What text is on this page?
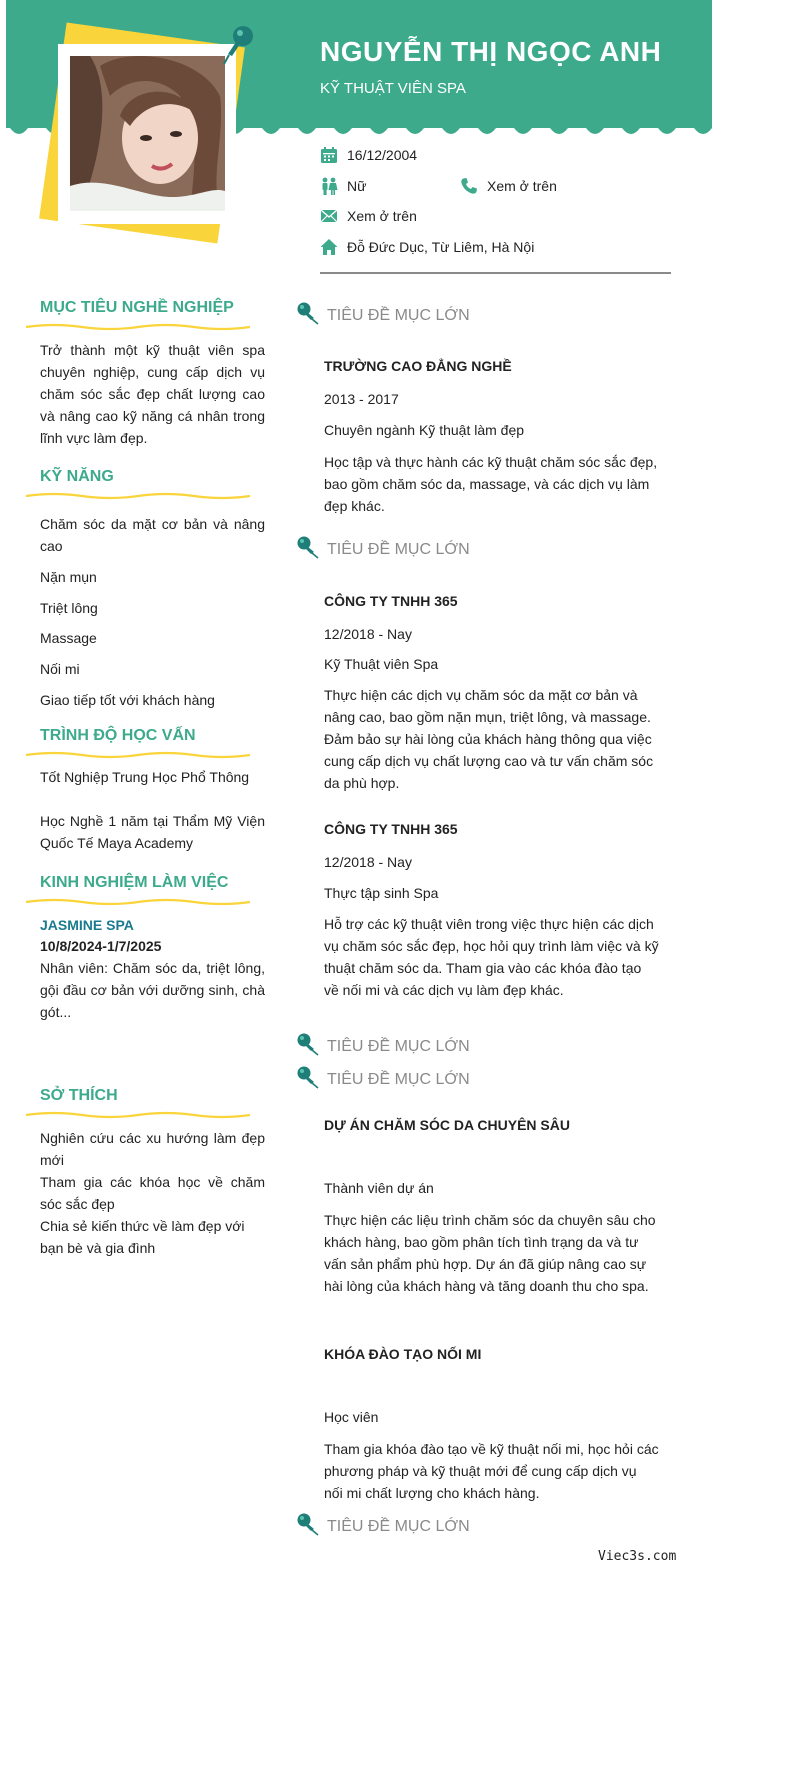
NGUYỄN THỊ NGỌC ANH
KỸ THUẬT VIÊN SPA
16/12/2004
Nữ	Xem ở trên
Xem ở trên
Đỗ Đức Dục, Từ Liêm, Hà Nội
MỤC TIÊU NGHỀ NGHIỆP
Trở thành một kỹ thuật viên spa chuyên nghiệp, cung cấp dịch vụ chăm sóc sắc đẹp chất lượng cao và nâng cao kỹ năng cá nhân trong lĩnh vực làm đẹp.
KỸ NĂNG
Chăm sóc da mặt cơ bản và nâng cao
Nặn mụn
Triệt lông
Massage
Nối mi
Giao tiếp tốt với khách hàng
TRÌNH ĐỘ HỌC VẤN
Tốt Nghiệp Trung Học Phổ Thông
Học Nghề 1 năm tại Thẩm Mỹ Viện Quốc Tế Maya Academy
KINH NGHIỆM LÀM VIỆC
JASMINE SPA
10/8/2024-1/7/2025
Nhân viên: Chăm sóc da, triệt lông, gội đầu cơ bản với dưỡng sinh, chà gót...
SỞ THÍCH
Nghiên cứu các xu hướng làm đẹp mới
Tham gia các khóa học về chăm sóc sắc đẹp
Chia sẻ kiến thức về làm đẹp với bạn bè và gia đình
TIÊU ĐỀ MỤC LỚN
TRƯỜNG CAO ĐẲNG NGHỀ
2013 - 2017
Chuyên ngành Kỹ thuật làm đẹp
Học tập và thực hành các kỹ thuật chăm sóc sắc đẹp, bao gồm chăm sóc da, massage, và các dịch vụ làm đẹp khác.
TIÊU ĐỀ MỤC LỚN
CÔNG TY TNHH 365
12/2018 - Nay
Kỹ Thuật viên Spa
Thực hiện các dịch vụ chăm sóc da mặt cơ bản và nâng cao, bao gồm nặn mụn, triệt lông, và massage. Đảm bảo sự hài lòng của khách hàng thông qua việc cung cấp dịch vụ chất lượng cao và tư vấn chăm sóc da phù hợp.
CÔNG TY TNHH 365
12/2018 - Nay
Thực tập sinh Spa
Hỗ trợ các kỹ thuật viên trong việc thực hiện các dịch vụ chăm sóc sắc đẹp, học hỏi quy trình làm việc và kỹ thuật chăm sóc da. Tham gia vào các khóa đào tạo về nối mi và các dịch vụ làm đẹp khác.
TIÊU ĐỀ MỤC LỚN
TIÊU ĐỀ MỤC LỚN
DỰ ÁN CHĂM SÓC DA CHUYÊN SÂU
Thành viên dự án
Thực hiện các liệu trình chăm sóc da chuyên sâu cho khách hàng, bao gồm phân tích tình trạng da và tư vấn sản phẩm phù hợp. Dự án đã giúp nâng cao sự hài lòng của khách hàng và tăng doanh thu cho spa.
KHÓA ĐÀO TẠO NỐI MI
Học viên
Tham gia khóa đào tạo về kỹ thuật nối mi, học hỏi các phương pháp và kỹ thuật mới để cung cấp dịch vụ nối mi chất lượng cho khách hàng.
TIÊU ĐỀ MỤC LỚN
Viec3s.com
